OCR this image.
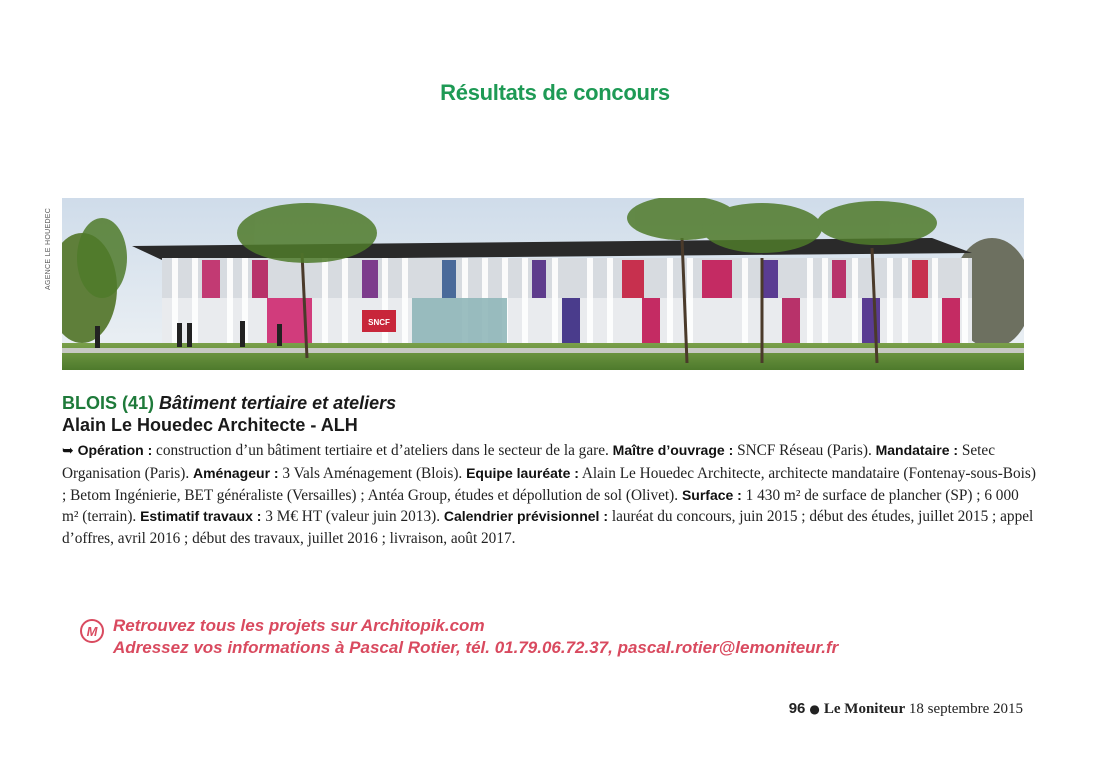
Résultats de concours
AGENCE LE HOUEDEC
SNCF
BLOIS (41) Bâtiment tertiaire et ateliers
Alain Le Houedec Architecte - ALH
➥ Opération : construction d’un bâtiment tertiaire et d’ateliers dans le secteur de la gare. Maître d’ouvrage : SNCF Réseau (Paris). Mandataire : Setec Organisation (Paris). Aménageur : 3 Vals Aménagement (Blois). Equipe lauréate : Alain Le Houedec Architecte, architecte mandataire (Fontenay-sous-Bois) ; Betom Ingénierie, BET généraliste (Versailles) ; Antéa Group, études et dépollution de sol (Olivet). Surface : 1 430 m² de surface de plancher (SP) ; 6 000 m² (terrain). Estimatif travaux : 3 M€ HT (valeur juin 2013). Calendrier prévisionnel : lauréat du concours, juin 2015 ; début des études, juillet 2015 ; appel d’offres, avril 2016 ; début des travaux, juillet 2016 ; livraison, août 2017.
M Retrouvez tous les projets sur Architopik.com
Adressez vos informations à Pascal Rotier, tél. 01.79.06.72.37, pascal.rotier@lemoniteur.fr
96 ● Le Moniteur 18 septembre 2015
